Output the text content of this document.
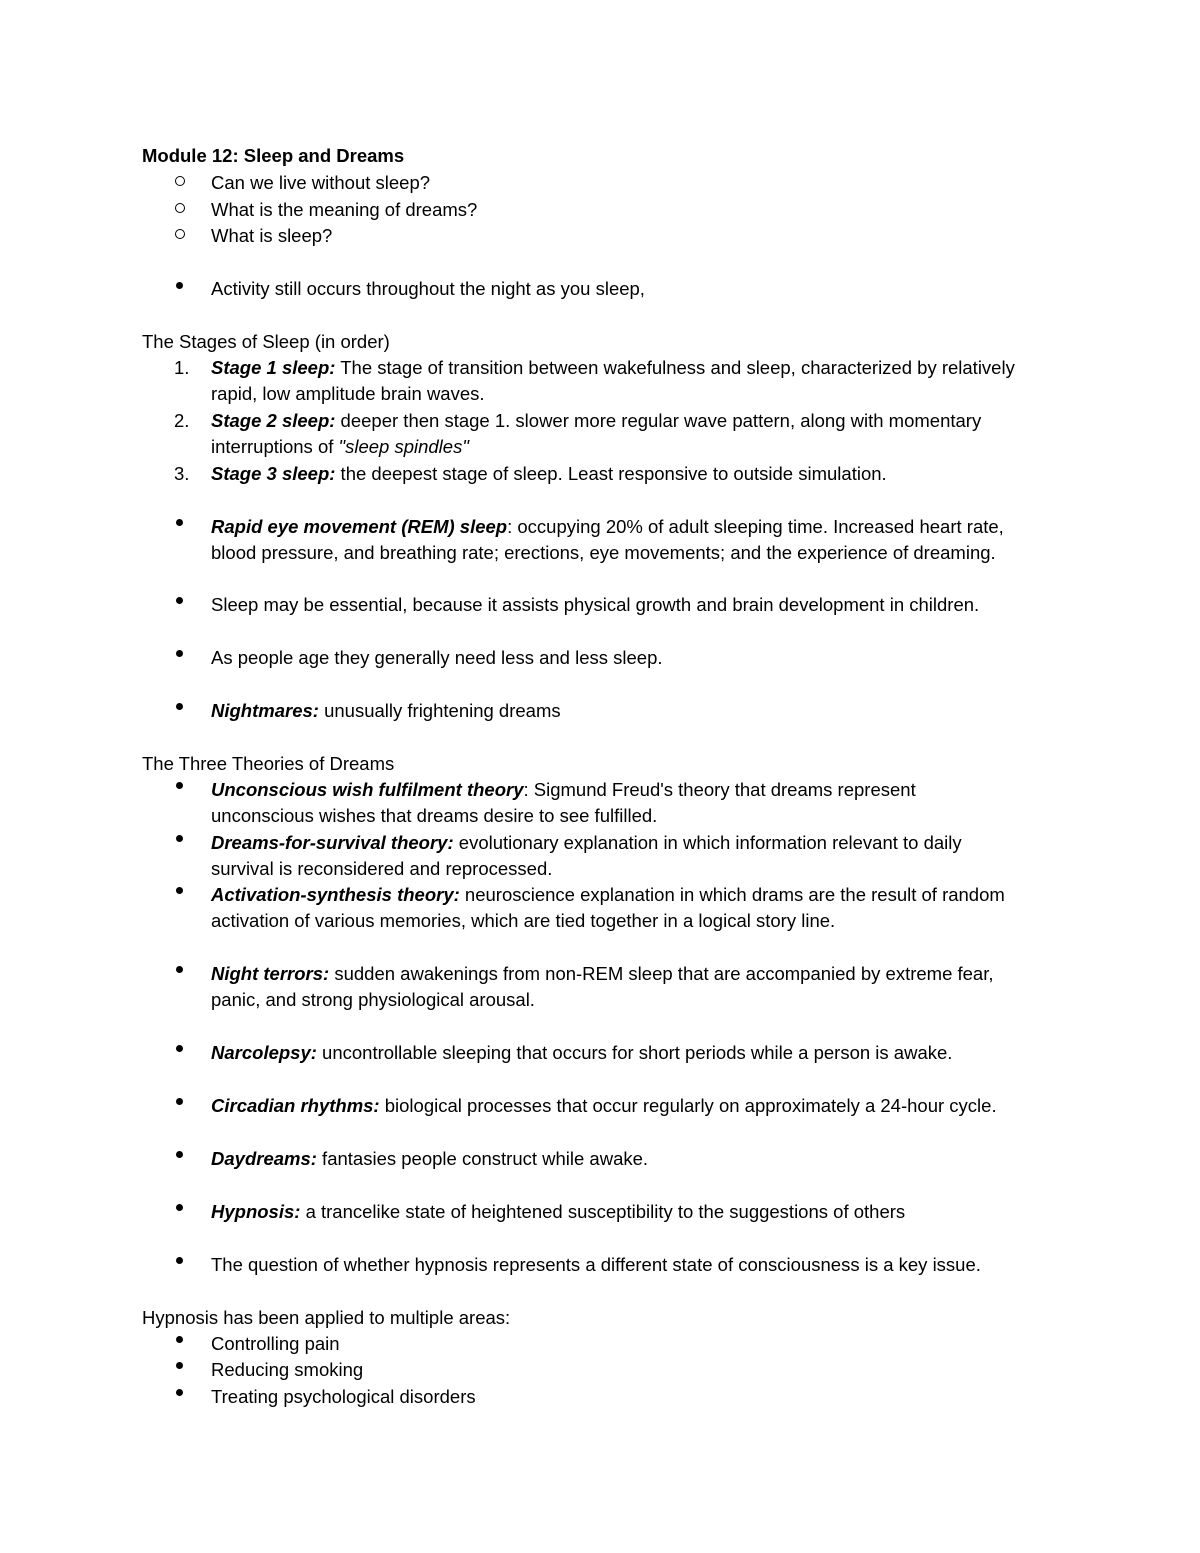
Module 12: Sleep and Dreams
Can we live without sleep?
What is the meaning of dreams?
What is sleep?
Activity still occurs throughout the night as you sleep,
The Stages of Sleep (in order)
1. Stage 1 sleep: The stage of transition between wakefulness and sleep, characterized by relatively
rapid, low amplitude brain waves.
2. Stage 2 sleep: deeper then stage 1. slower more regular wave pattern, along with momentary
interruptions of "sleep spindles"
3. Stage 3 sleep: the deepest stage of sleep. Least responsive to outside simulation.
Rapid eye movement (REM) sleep: occupying 20% of adult sleeping time. Increased heart rate,
blood pressure, and breathing rate; erections, eye movements; and the experience of dreaming.
Sleep may be essential, because it assists physical growth and brain development in children.
As people age they generally need less and less sleep.
Nightmares: unusually frightening dreams
The Three Theories of Dreams
Unconscious wish fulfilment theory: Sigmund Freud's theory that dreams represent
unconscious wishes that dreams desire to see fulfilled.
Dreams-for-survival theory: evolutionary explanation in which information relevant to daily
survival is reconsidered and reprocessed.
Activation-synthesis theory: neuroscience explanation in which drams are the result of random
activation of various memories, which are tied together in a logical story line.
Night terrors: sudden awakenings from non-REM sleep that are accompanied by extreme fear,
panic, and strong physiological arousal.
Narcolepsy: uncontrollable sleeping that occurs for short periods while a person is awake.
Circadian rhythms: biological processes that occur regularly on approximately a 24-hour cycle.
Daydreams: fantasies people construct while awake.
Hypnosis: a trancelike state of heightened susceptibility to the suggestions of others
The question of whether hypnosis represents a different state of consciousness is a key issue.
Hypnosis has been applied to multiple areas:
Controlling pain
Reducing smoking
Treating psychological disorders
